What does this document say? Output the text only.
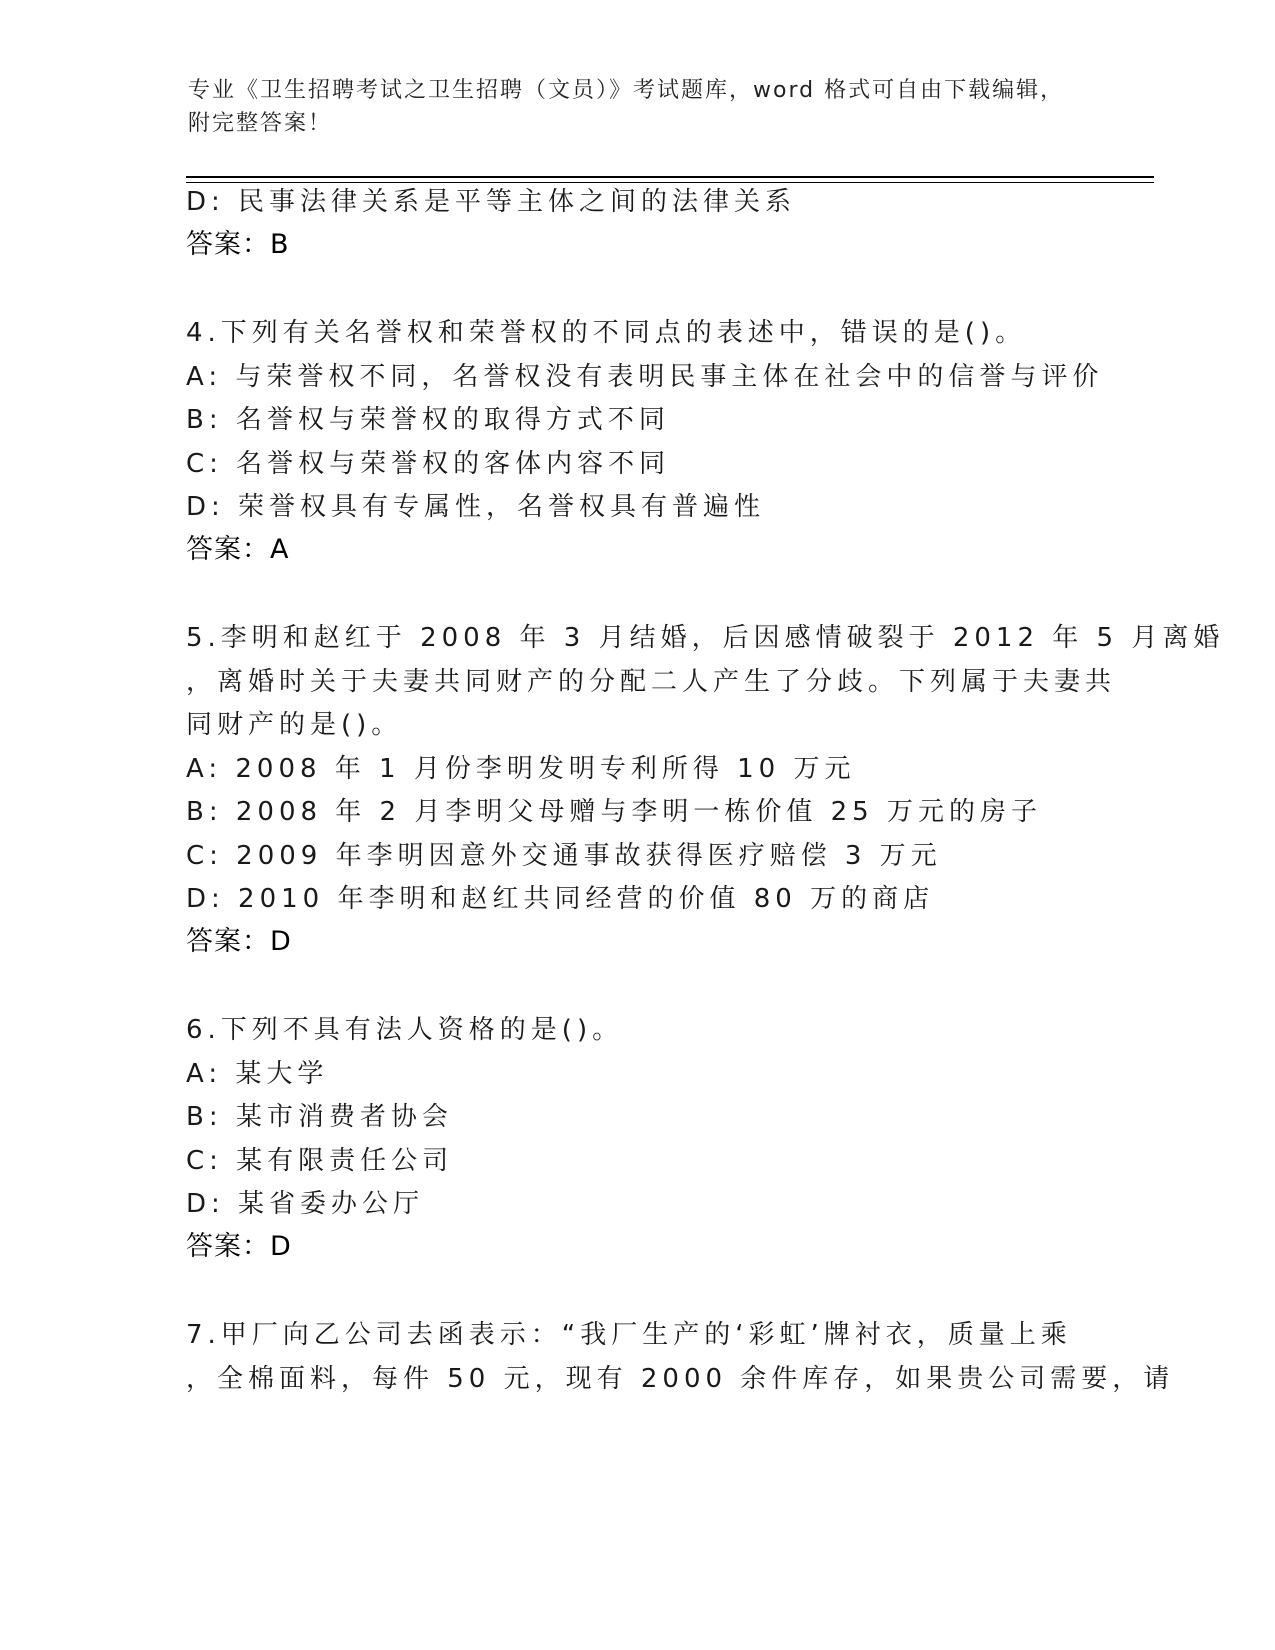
专业《卫生招聘考试之卫生招聘（文员）》考试题库，word 格式可自由下载编辑，附完整答案！
D: 民事法律关系是平等主体之间的法律关系
答案：B
4.下列有关名誉权和荣誉权的不同点的表述中，错误的是()。
A: 与荣誉权不同，名誉权没有表明民事主体在社会中的信誉与评价
B: 名誉权与荣誉权的取得方式不同
C: 名誉权与荣誉权的客体内容不同
D: 荣誉权具有专属性，名誉权具有普遍性
答案：A
5.李明和赵红于 2008 年 3 月结婚，后因感情破裂于 2012 年 5 月离婚
，离婚时关于夫妻共同财产的分配二人产生了分歧。下列属于夫妻共
同财产的是()。
A: 2008 年 1 月份李明发明专利所得 10 万元
B: 2008 年 2 月李明父母赠与李明一栋价值 25 万元的房子
C: 2009 年李明因意外交通事故获得医疗赔偿 3 万元
D: 2010 年李明和赵红共同经营的价值 80 万的商店
答案：D
6.下列不具有法人资格的是()。
A: 某大学
B: 某市消费者协会
C: 某有限责任公司
D: 某省委办公厅
答案：D
7.甲厂向乙公司去函表示：“我厂生产的‘彩虹’牌衬衣，质量上乘
，全棉面料，每件 50 元，现有 2000 余件库存，如果贵公司需要，请
